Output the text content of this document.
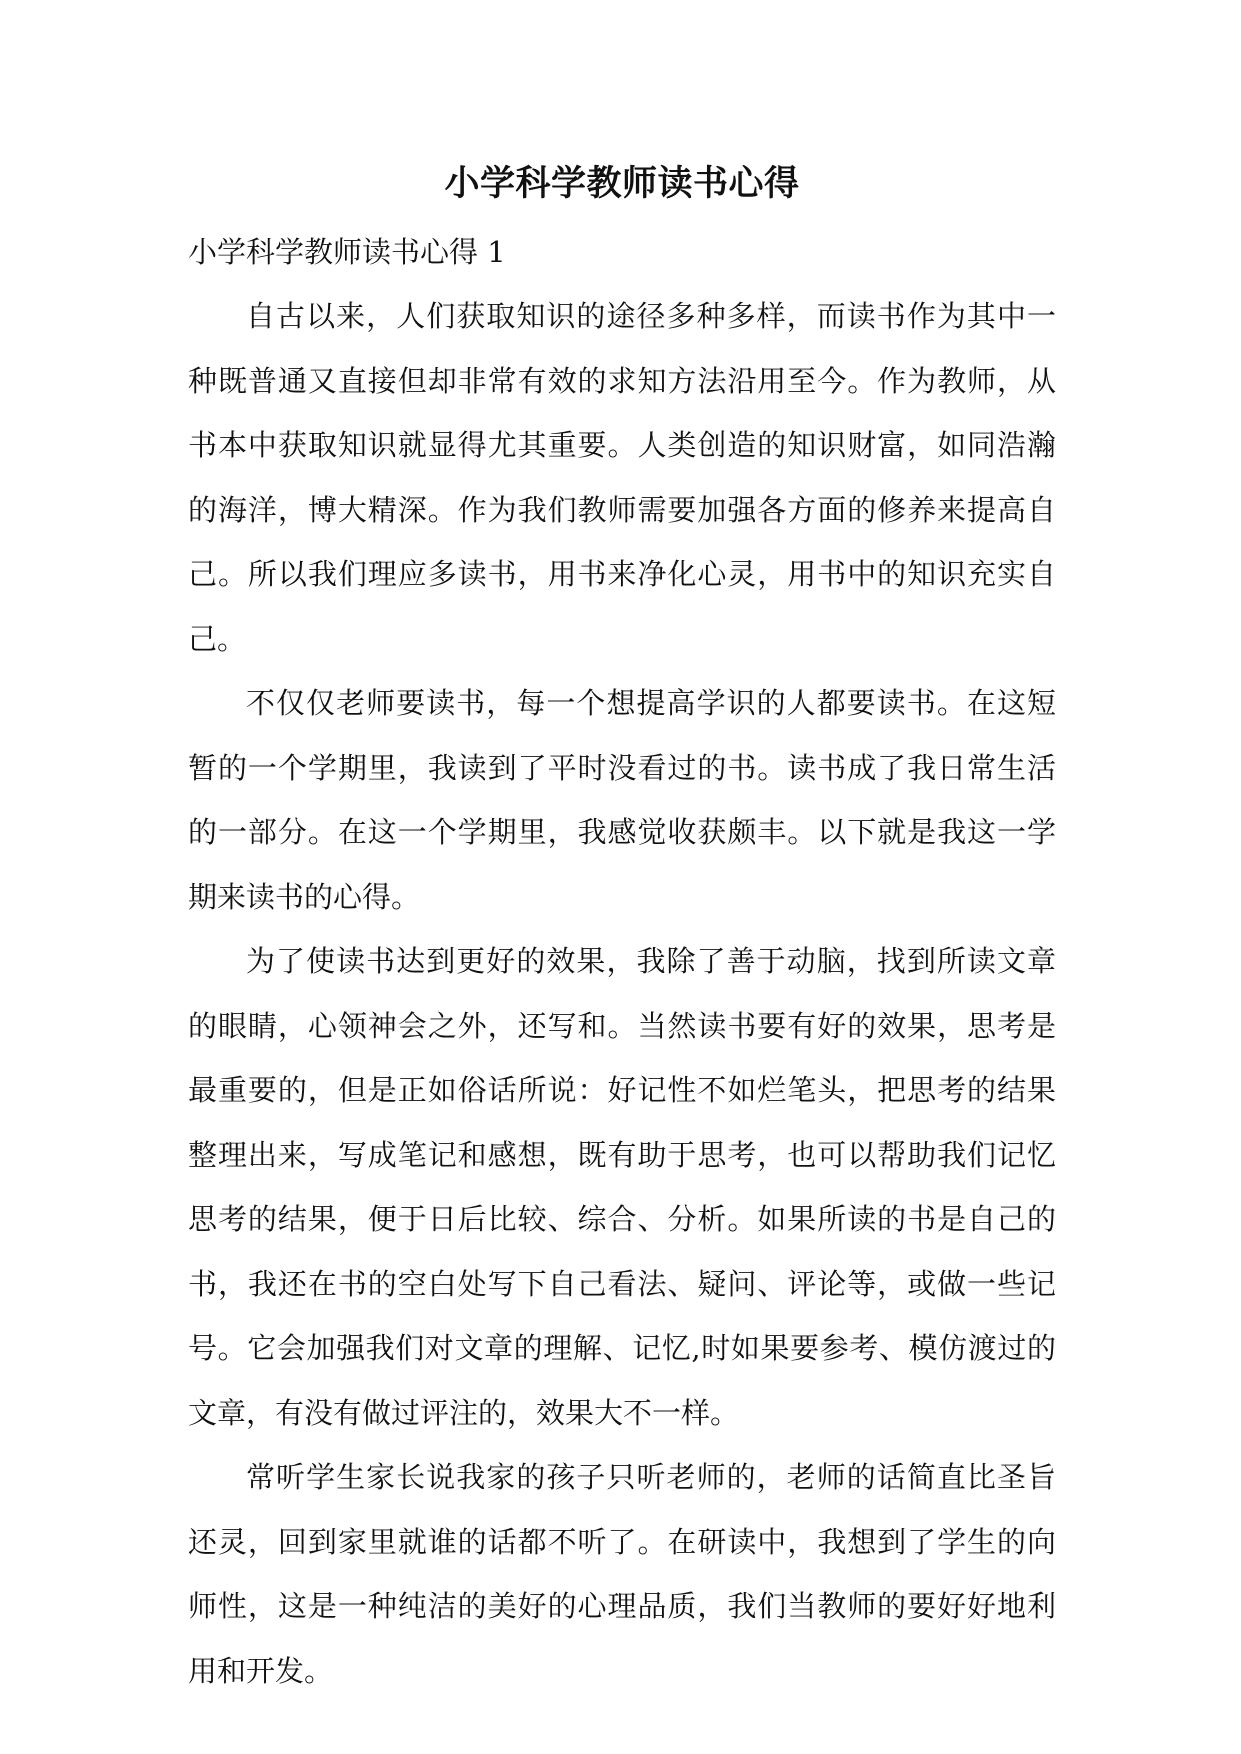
小学科学教师读书心得
小学科学教师读书心得 1

自古以来，人们获取知识的途径多种多样，而读书作为其中一种既普通又直接但却非常有效的求知方法沿用至今。作为教师，从书本中获取知识就显得尤其重要。人类创造的知识财富，如同浩瀚的海洋，博大精深。作为我们教师需要加强各方面的修养来提高自己。所以我们理应多读书，用书来净化心灵，用书中的知识充实自己。

不仅仅老师要读书，每一个想提高学识的人都要读书。在这短暂的一个学期里，我读到了平时没看过的书。读书成了我日常生活的一部分。在这一个学期里，我感觉收获颇丰。以下就是我这一学期来读书的心得。

为了使读书达到更好的效果，我除了善于动脑，找到所读文章的眼睛，心领神会之外，还写和。当然读书要有好的效果，思考是最重要的，但是正如俗话所说：好记性不如烂笔头，把思考的结果整理出来，写成笔记和感想，既有助于思考，也可以帮助我们记忆思考的结果，便于日后比较、综合、分析。如果所读的书是自己的书，我还在书的空白处写下自己看法、疑问、评论等，或做一些记号。它会加强我们对文章的理解、记忆,时如果要参考、模仿渡过的文章，有没有做过评注的，效果大不一样。

常听学生家长说我家的孩子只听老师的，老师的话简直比圣旨还灵，回到家里就谁的话都不听了。在研读中，我想到了学生的向师性，这是一种纯洁的美好的心理品质，我们当教师的要好好地利用和开发。
